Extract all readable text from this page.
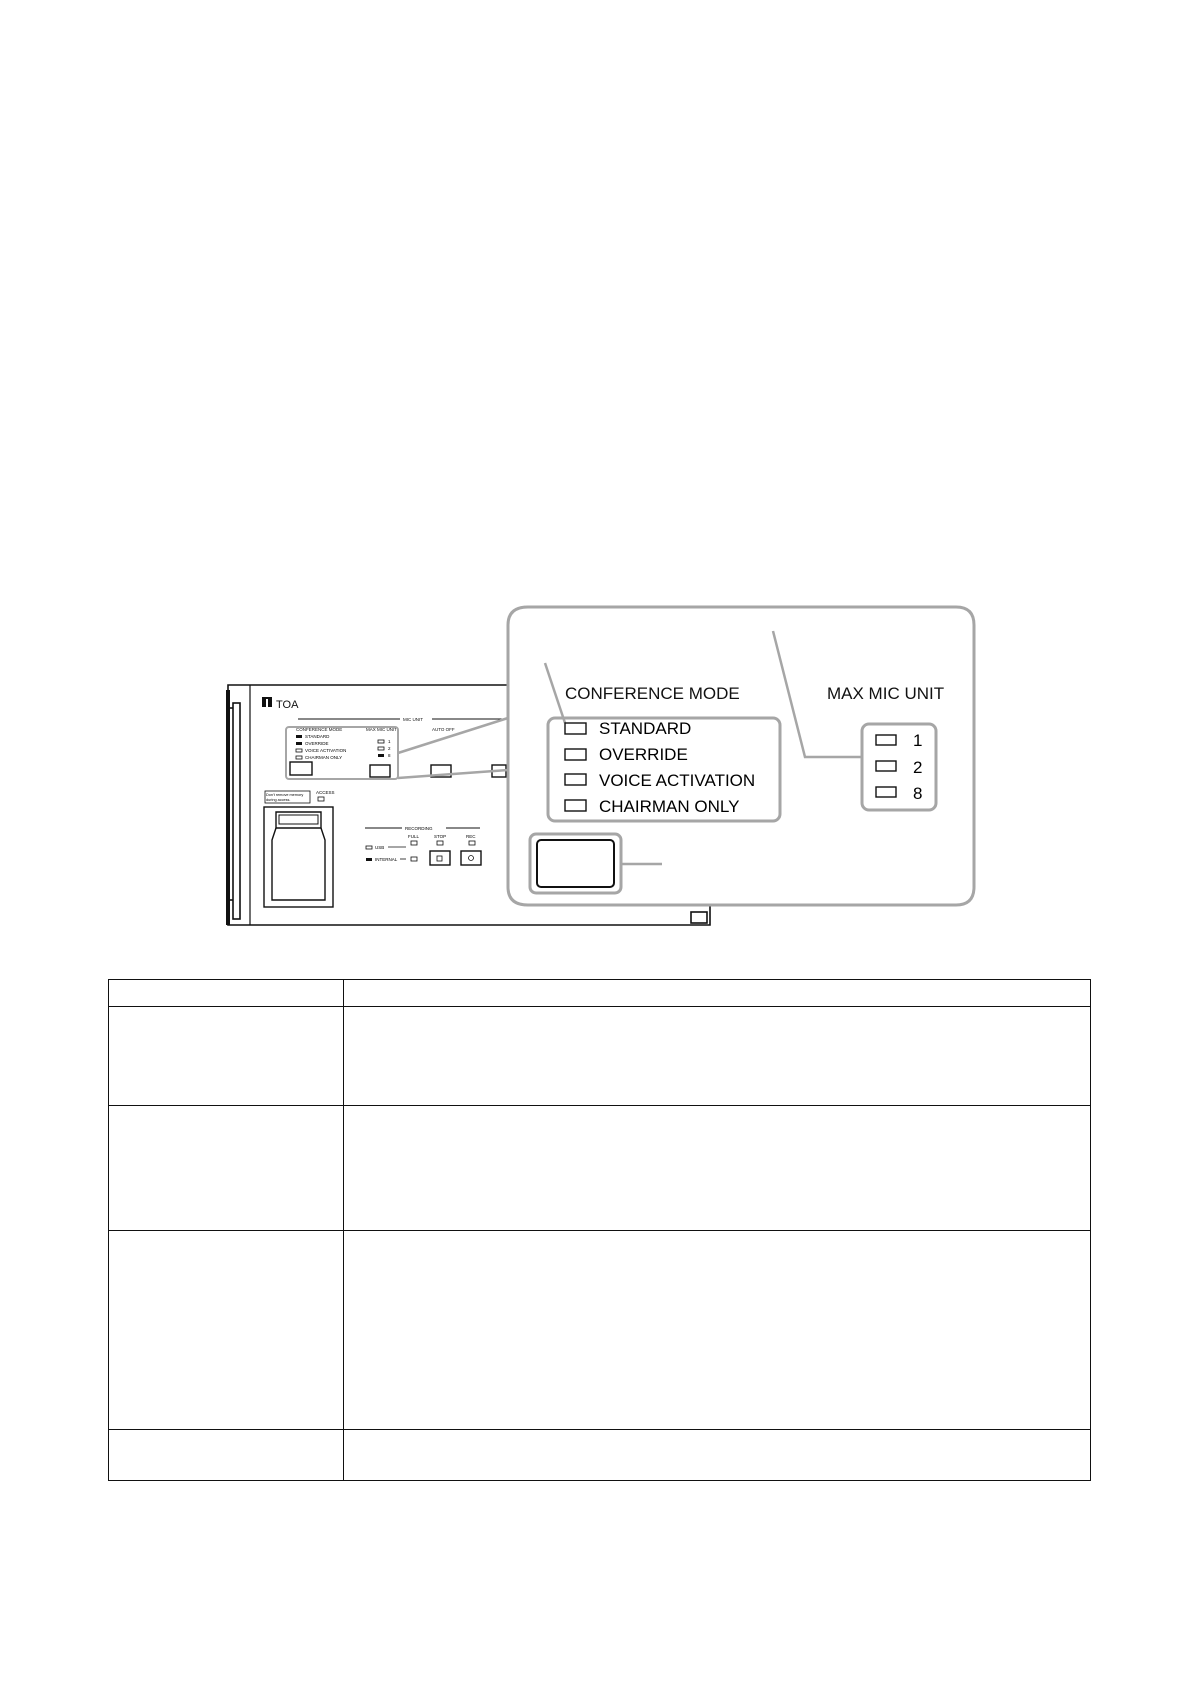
TOA
MIC UNIT
CONFERENCE MODE	MAX MIC UNIT	AUTO OFF
STANDARD
OVERRIDE
VOICE ACTIVATION
CHAIRMAN ONLY
1
2
8
Don't remove memory
during access.
ACCESS
RECORDING
FULL	STOP	REC
USB
INTERNAL
CONFERENCE MODE	MAX MIC UNIT
STANDARD
OVERRIDE
VOICE ACTIVATION
CHAIRMAN ONLY
1
2
8
